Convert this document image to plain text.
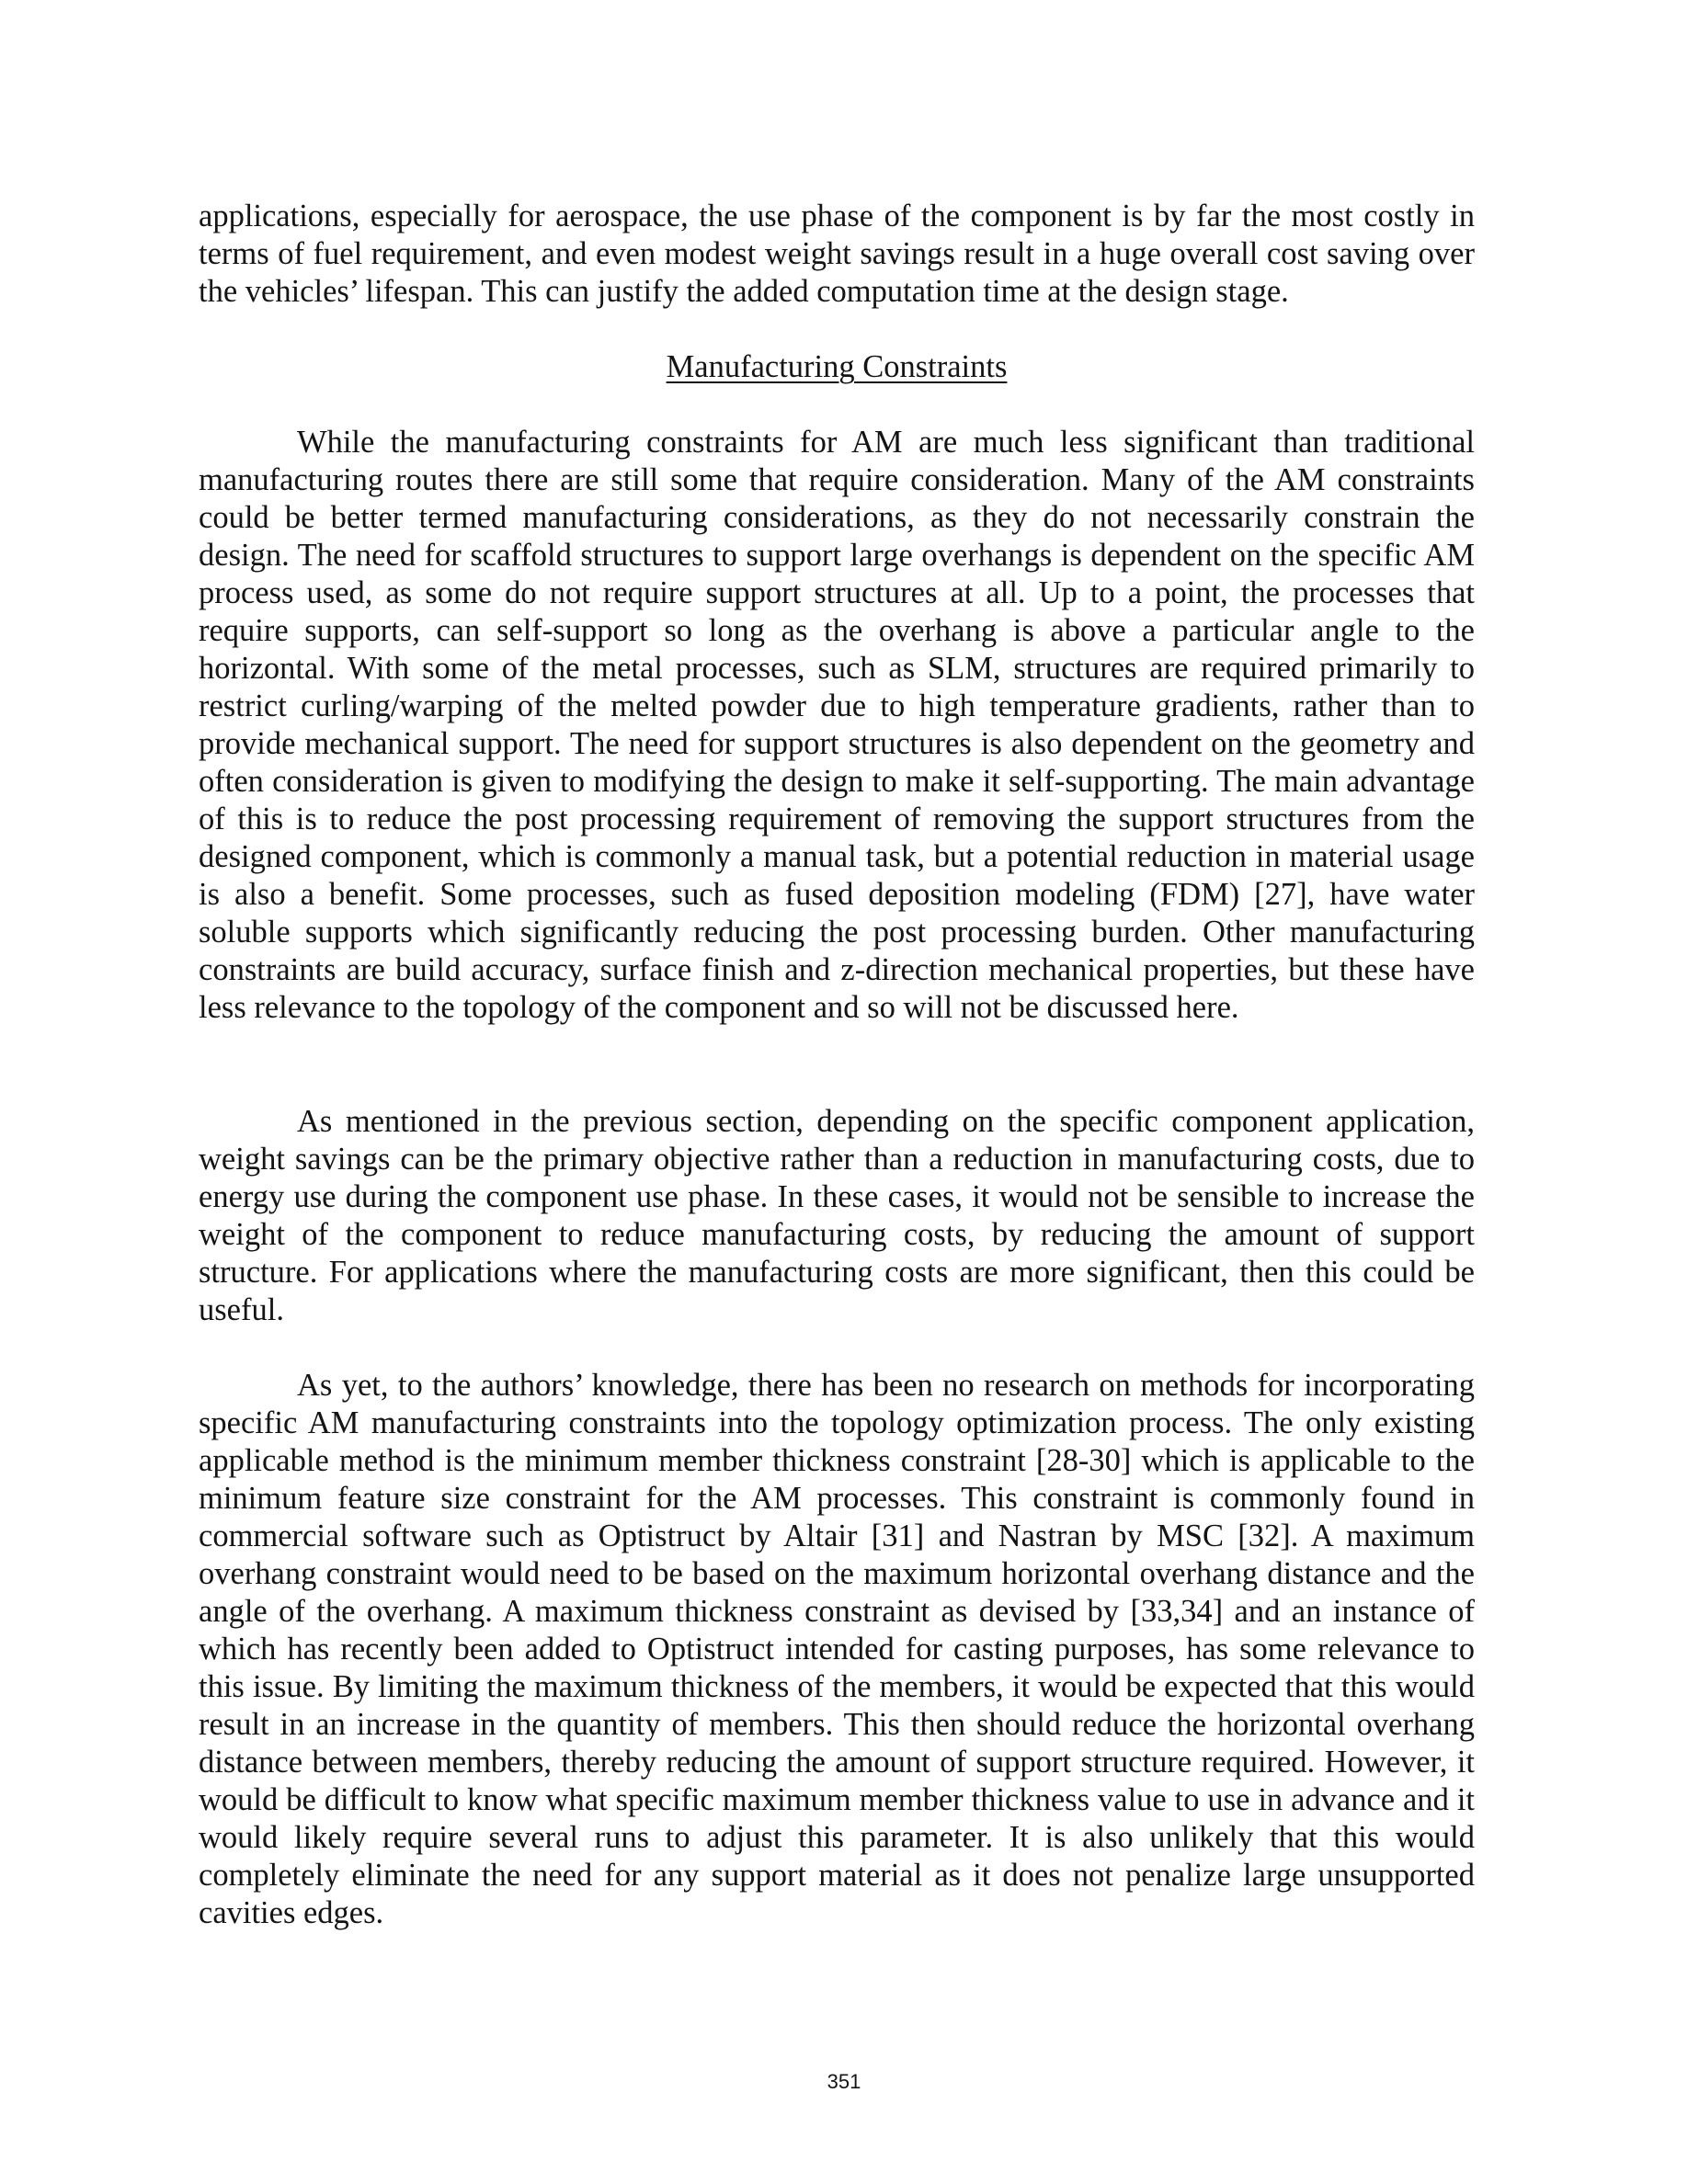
applications, especially for aerospace, the use phase of the component is by far the most costly in terms of fuel requirement, and even modest weight savings result in a huge overall cost saving over the vehicles’ lifespan. This can justify the added computation time at the design stage.

Manufacturing Constraints

While the manufacturing constraints for AM are much less significant than traditional manufacturing routes there are still some that require consideration. Many of the AM constraints could be better termed manufacturing considerations, as they do not necessarily constrain the design. The need for scaffold structures to support large overhangs is dependent on the specific AM process used, as some do not require support structures at all. Up to a point, the processes that require supports, can self-support so long as the overhang is above a particular angle to the horizontal. With some of the metal processes, such as SLM, structures are required primarily to restrict curling/warping of the melted powder due to high temperature gradients, rather than to provide mechanical support. The need for support structures is also dependent on the geometry and often consideration is given to modifying the design to make it self-supporting. The main advantage of this is to reduce the post processing requirement of removing the support structures from the designed component, which is commonly a manual task, but a potential reduction in material usage is also a benefit. Some processes, such as fused deposition modeling (FDM) [27], have water soluble supports which significantly reducing the post processing burden. Other manufacturing constraints are build accuracy, surface finish and z-direction mechanical properties, but these have less relevance to the topology of the component and so will not be discussed here.

As mentioned in the previous section, depending on the specific component application, weight savings can be the primary objective rather than a reduction in manufacturing costs, due to energy use during the component use phase. In these cases, it would not be sensible to increase the weight of the component to reduce manufacturing costs, by reducing the amount of support structure. For applications where the manufacturing costs are more significant, then this could be useful.

As yet, to the authors’ knowledge, there has been no research on methods for incorporating specific AM manufacturing constraints into the topology optimization process. The only existing applicable method is the minimum member thickness constraint [28-30] which is applicable to the minimum feature size constraint for the AM processes. This constraint is commonly found in commercial software such as Optistruct by Altair [31] and Nastran by MSC [32]. A maximum overhang constraint would need to be based on the maximum horizontal overhang distance and the angle of the overhang. A maximum thickness constraint as devised by [33,34] and an instance of which has recently been added to Optistruct intended for casting purposes, has some relevance to this issue. By limiting the maximum thickness of the members, it would be expected that this would result in an increase in the quantity of members. This then should reduce the horizontal overhang distance between members, thereby reducing the amount of support structure required. However, it would be difficult to know what specific maximum member thickness value to use in advance and it would likely require several runs to adjust this parameter. It is also unlikely that this would completely eliminate the need for any support material as it does not penalize large unsupported cavities edges.

351
